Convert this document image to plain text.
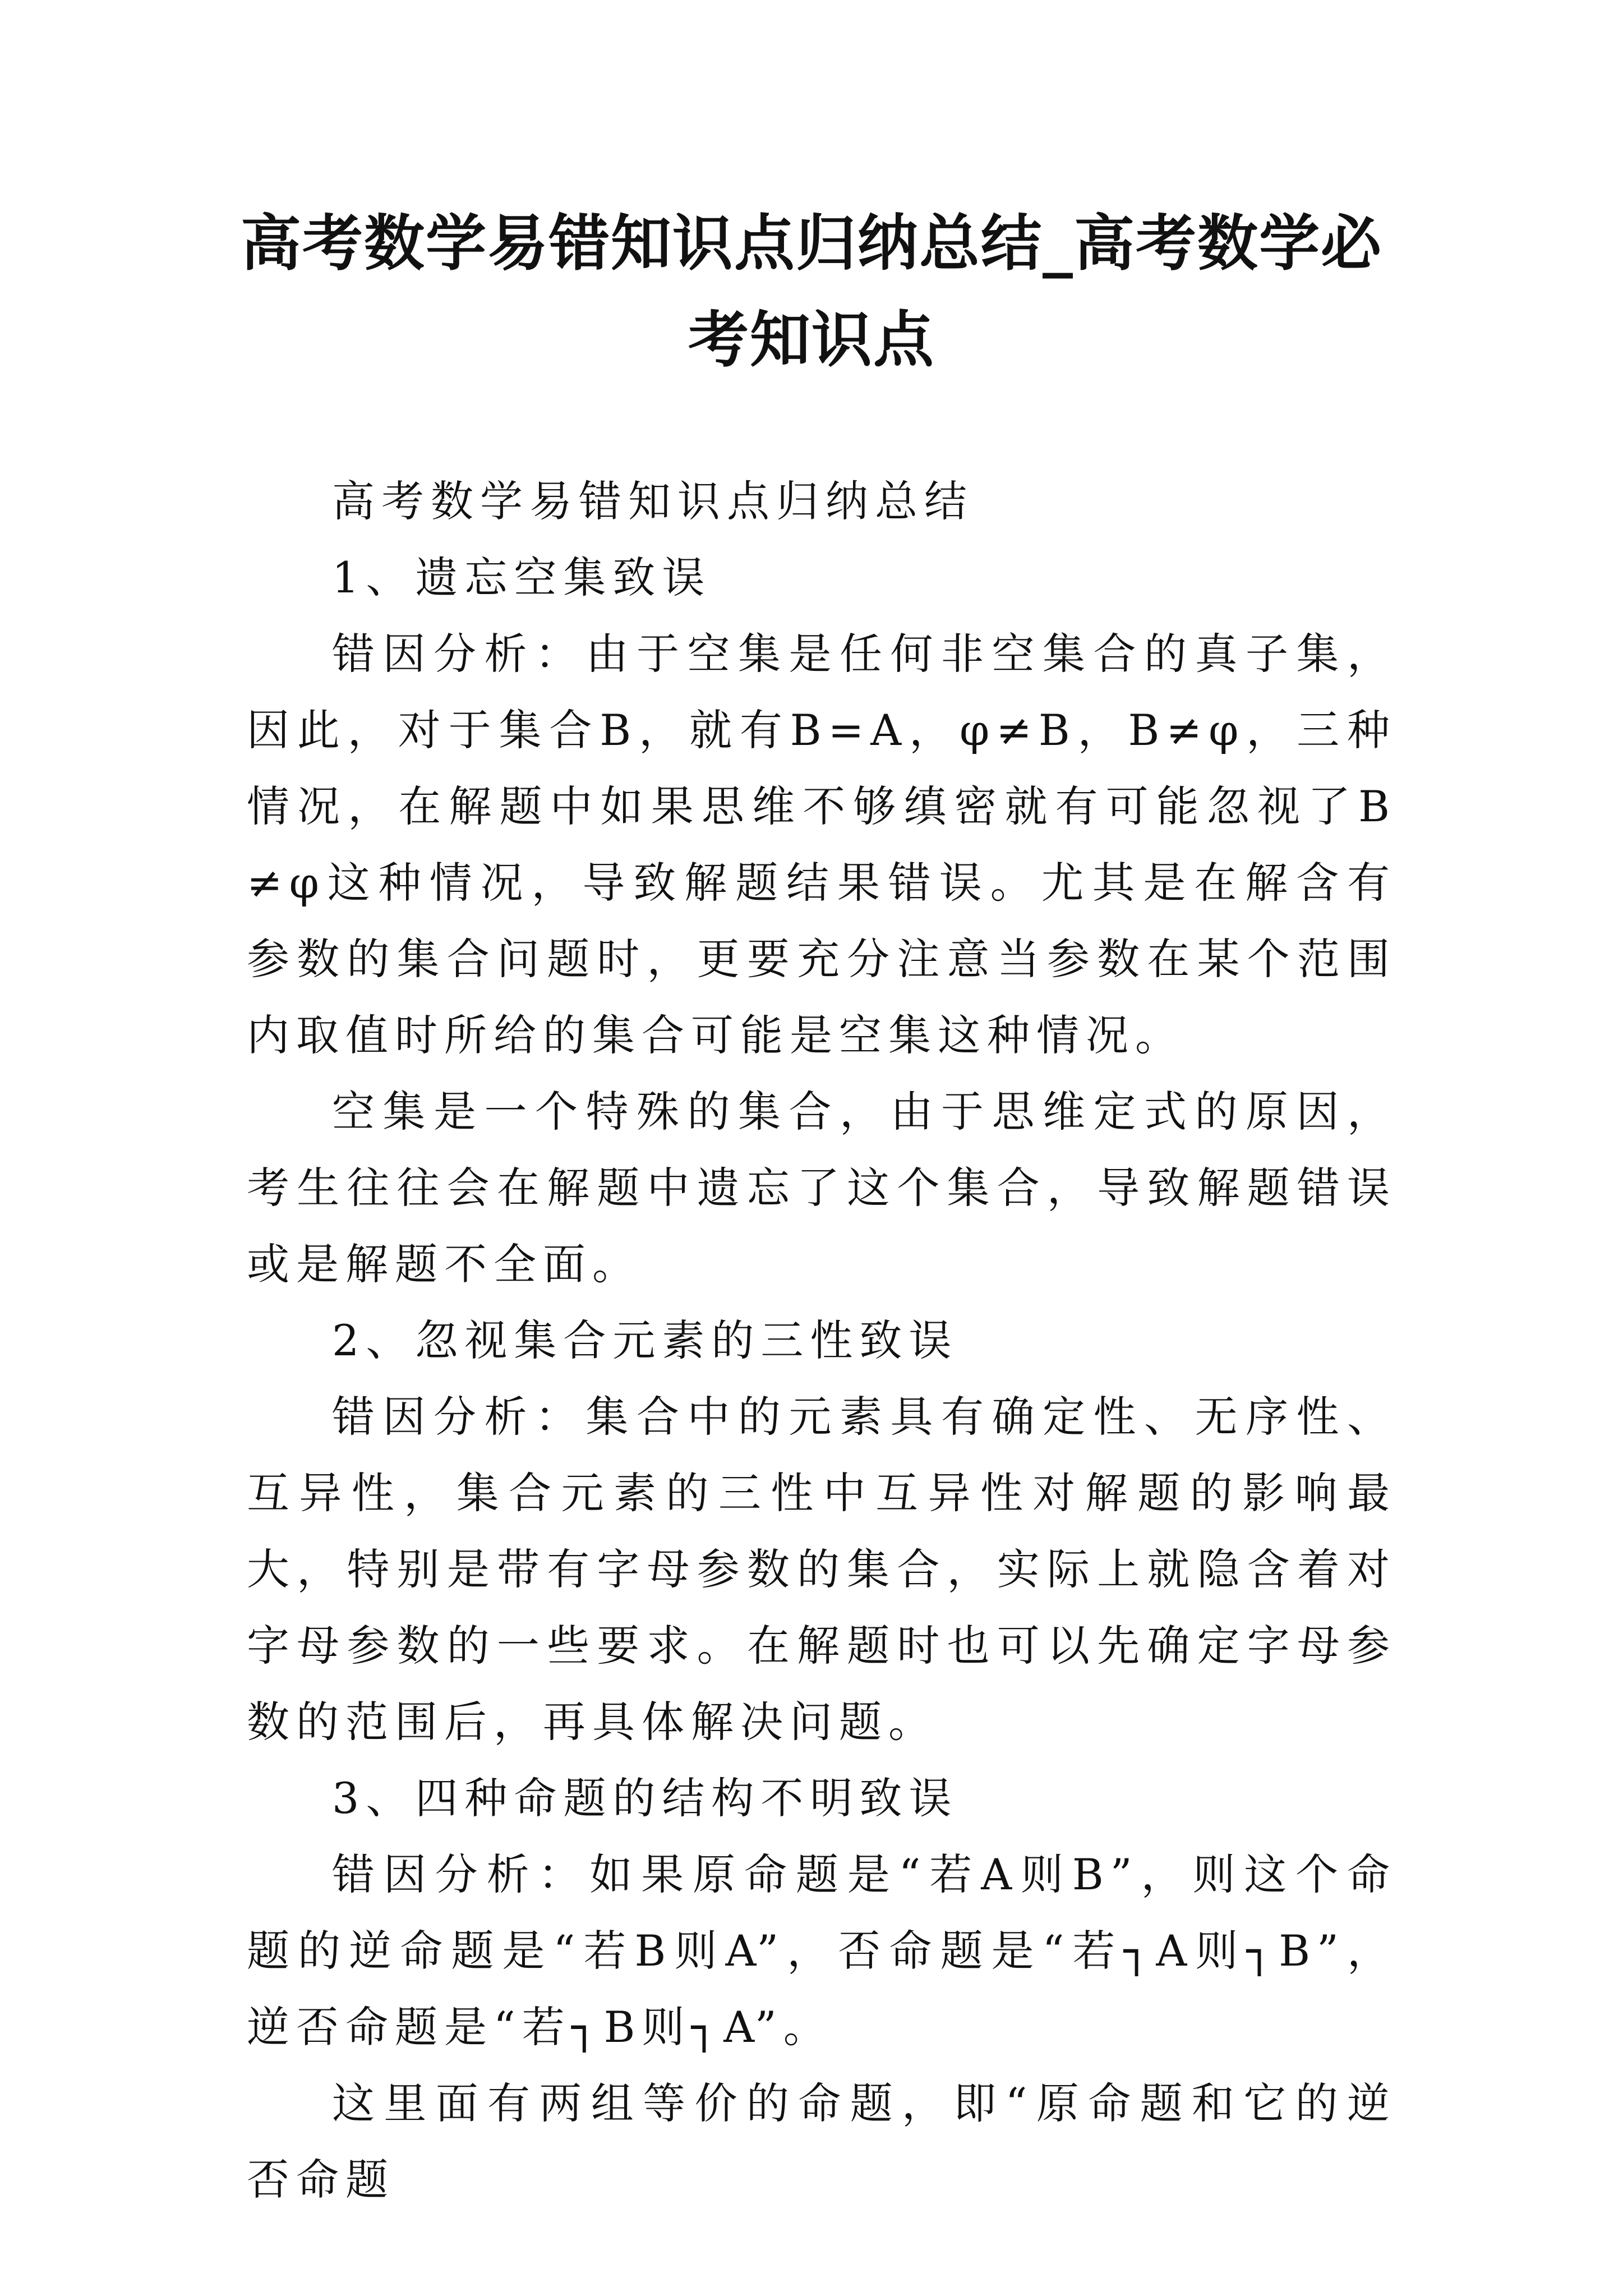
高考数学易错知识点归纳总结_高考数学必考知识点

高考数学易错知识点归纳总结

1、遗忘空集致误

错因分析：由于空集是任何非空集合的真子集，因此，对于集合B，就有B=A，φ≠B，B≠φ，三种情况，在解题中如果思维不够缜密就有可能忽视了B≠φ这种情况，导致解题结果错误。尤其是在解含有参数的集合问题时，更要充分注意当参数在某个范围内取值时所给的集合可能是空集这种情况。

空集是一个特殊的集合，由于思维定式的原因，考生往往会在解题中遗忘了这个集合，导致解题错误或是解题不全面。

2、忽视集合元素的三性致误

错因分析：集合中的元素具有确定性、无序性、互异性，集合元素的三性中互异性对解题的影响最大，特别是带有字母参数的集合，实际上就隐含着对字母参数的一些要求。在解题时也可以先确定字母参数的范围后，再具体解决问题。

3、四种命题的结构不明致误

错因分析：如果原命题是“若A则B”，则这个命题的逆命题是“若B则A”，否命题是“若┐A则┐B”，逆否命题是“若┐B则┐A”。

这里面有两组等价的命题，即“原命题和它的逆否命题
